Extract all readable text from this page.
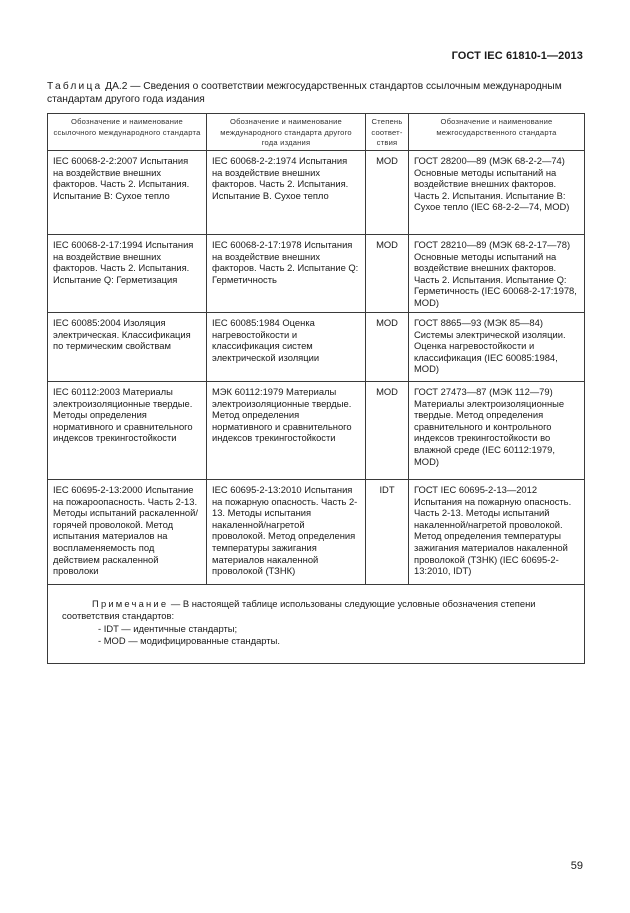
ГОСТ IEC 61810-1—2013
Таблица ДА.2 — Сведения о соответствии межгосударственных стандартов ссылочным международным стандартам другого года издания
Обозначение и наименование ссылочного международного стандарта	Обозначение и наименование международного стандарта другого года издания	Степень соответ-ствия	Обозначение и наименование межгосударственного стандарта
IEC 60068-2-2:2007 Испытания на воздействие внешних факторов. Часть 2. Испытания. Испытание В: Сухое тепло	IEC 60068-2-2:1974 Испытания на воздействие внешних факторов. Часть 2. Испытания. Испытание В. Сухое тепло	MOD	ГОСТ 28200—89 (МЭК 68-2-2—74) Основные методы испытаний на воздействие внешних факторов. Часть 2. Испытания. Испытание В: Сухое тепло (IEC 68-2-2—74, MOD)
IEC 60068-2-17:1994 Испытания на воздействие внешних факторов. Часть 2. Испытания. Испытание Q: Герметизация	IEC 60068-2-17:1978 Испытания на воздействие внешних факторов. Часть 2. Испытание Q: Герметичность	MOD	ГОСТ 28210—89 (МЭК 68-2-17—78) Основные методы испытаний на воздействие внешних факторов. Часть 2. Испытания. Испытание Q: Герметичность (IEC 60068-2-17:1978, MOD)
IEC 60085:2004 Изоляция электрическая. Классификация по термическим свойствам	IEC 60085:1984 Оценка нагревостойкости и классификация систем электрической изоляции	MOD	ГОСТ 8865—93 (МЭК 85—84) Системы электрической изоляции. Оценка нагревостойкости и классификация (IEC 60085:1984, MOD)
IEC 60112:2003 Материалы электроизоляционные твердые. Методы определения нормативного и сравнительного индексов трекингостойкости	МЭК 60112:1979 Материалы электроизоляционные твердые. Метод определения нормативного и сравнительного индексов трекингостойкости	MOD	ГОСТ 27473—87 (МЭК 112—79) Материалы электроизоляционные твердые. Метод определения сравнительного и контрольного индексов трекингостойкости во влажной среде (IEC 60112:1979, MOD)
IEC 60695-2-13:2000 Испытание на пожароопасность. Часть 2-13. Методы испытаний раскаленной/горячей проволокой. Метод испытания материалов на воспламеняемость под действием раскаленной проволоки	IEC 60695-2-13:2010 Испытания на пожарную опасность. Часть 2-13. Методы испытания накаленной/нагретой проволокой. Метод определения температуры зажигания материалов накаленной проволокой (ТЗНК)	IDT	ГОСТ IEC 60695-2-13—2012 Испытания на пожарную опасность. Часть 2-13. Методы испытаний накаленной/нагретой проволокой. Метод определения температуры зажигания материалов накаленной проволокой (ТЗНК) (IEC 60695-2-13:2010, IDT)

Примечание — В настоящей таблице использованы следующие условные обозначения степени соответствия стандартов:
- IDT — идентичные стандарты;
- MOD — модифицированные стандарты.			
59
